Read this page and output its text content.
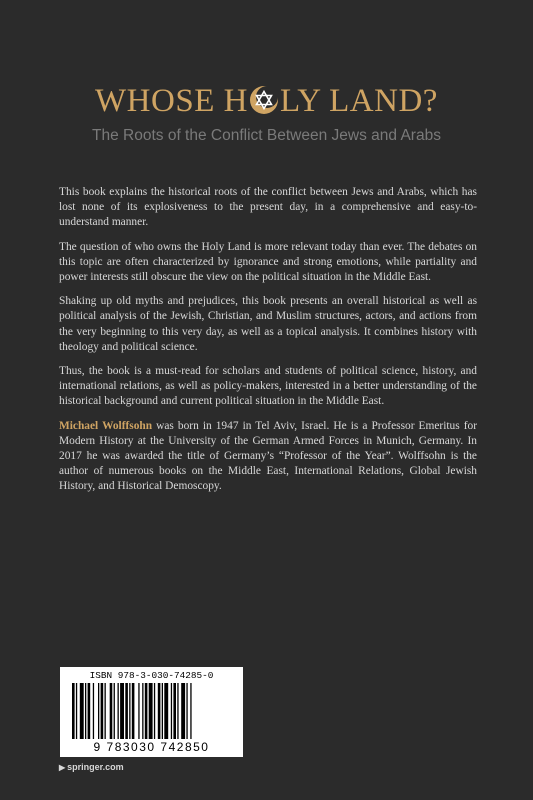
WHOSE H LY LAND?
The Roots of the Conflict Between Jews and Arabs

This book explains the historical roots of the conflict between Jews and Arabs, which has lost none of its explosiveness to the present day, in a comprehensive and easy-to-understand manner.

The question of who owns the Holy Land is more relevant today than ever. The debates on this topic are often characterized by ignorance and strong emotions, while partiality and power interests still obscure the view on the political situation in the Middle East.

Shaking up old myths and prejudices, this book presents an overall historical as well as political analysis of the Jewish, Christian, and Muslim structures, actors, and actions from the very beginning to this very day, as well as a topical analysis. It combines history with theology and political science.

Thus, the book is a must-read for scholars and students of political science, history, and international relations, as well as policy-makers, interested in a better understanding of the historical background and current political situation in the Middle East.

Michael Wolffsohn was born in 1947 in Tel Aviv, Israel. He is a Professor Emeritus for Modern History at the University of the German Armed Forces in Munich, Germany. In 2017 he was awarded the title of Germany’s “Professor of the Year”. Wolffsohn is the author of numerous books on the Middle East, International Relations, Global Jewish History, and Historical Demoscopy.

ISBN 978-3-030-74285-0
9 783030 742850
▶ springer.com
